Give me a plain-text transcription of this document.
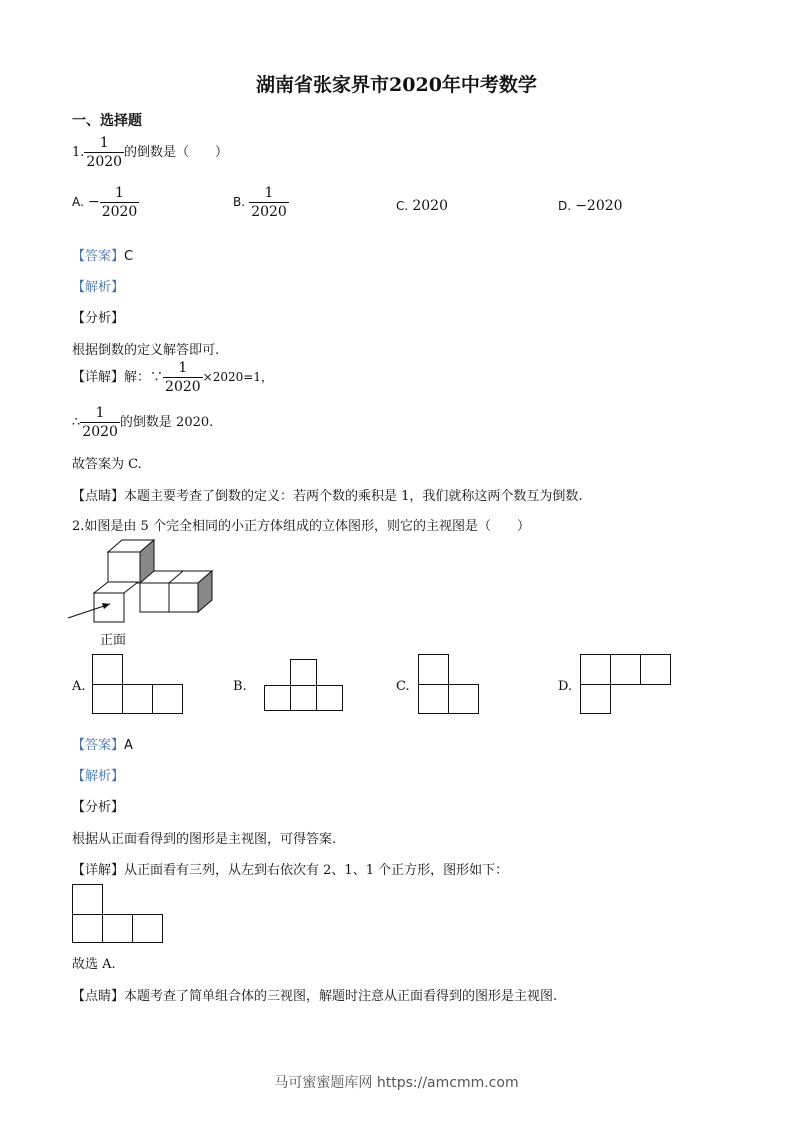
湖南省张家界市2020年中考数学
一、选择题
1. $\frac{1}{2020}$ 的倒数是（　　）
A. − $\frac{1}{2020}$	B. $\frac{1}{2020}$	C. 2020	D. −2020
【答案】C
【解析】
【分析】
根据倒数的定义解答即可.
【详解】解：∵ $\frac{1}{2020} \times 2020=1$，
∴ $\frac{1}{2020}$ 的倒数是 2020.
故答案为 C.
【点睛】本题主要考查了倒数的定义：若两个数的乘积是 1，我们就称这两个数互为倒数.
2.如图是由 5 个完全相同的小正方体组成的立体图形，则它的主视图是（　　）
正面
A.	B.	C.	D.
【答案】A
【解析】
【分析】
根据从正面看得到的图形是主视图，可得答案.
【详解】从正面看有三列，从左到右依次有 2、1、1 个正方形，图形如下：
故选 A.
【点睛】本题考查了简单组合体的三视图，解题时注意从正面看得到的图形是主视图.
马可蜜蜜题库网 https://amcmm.com
